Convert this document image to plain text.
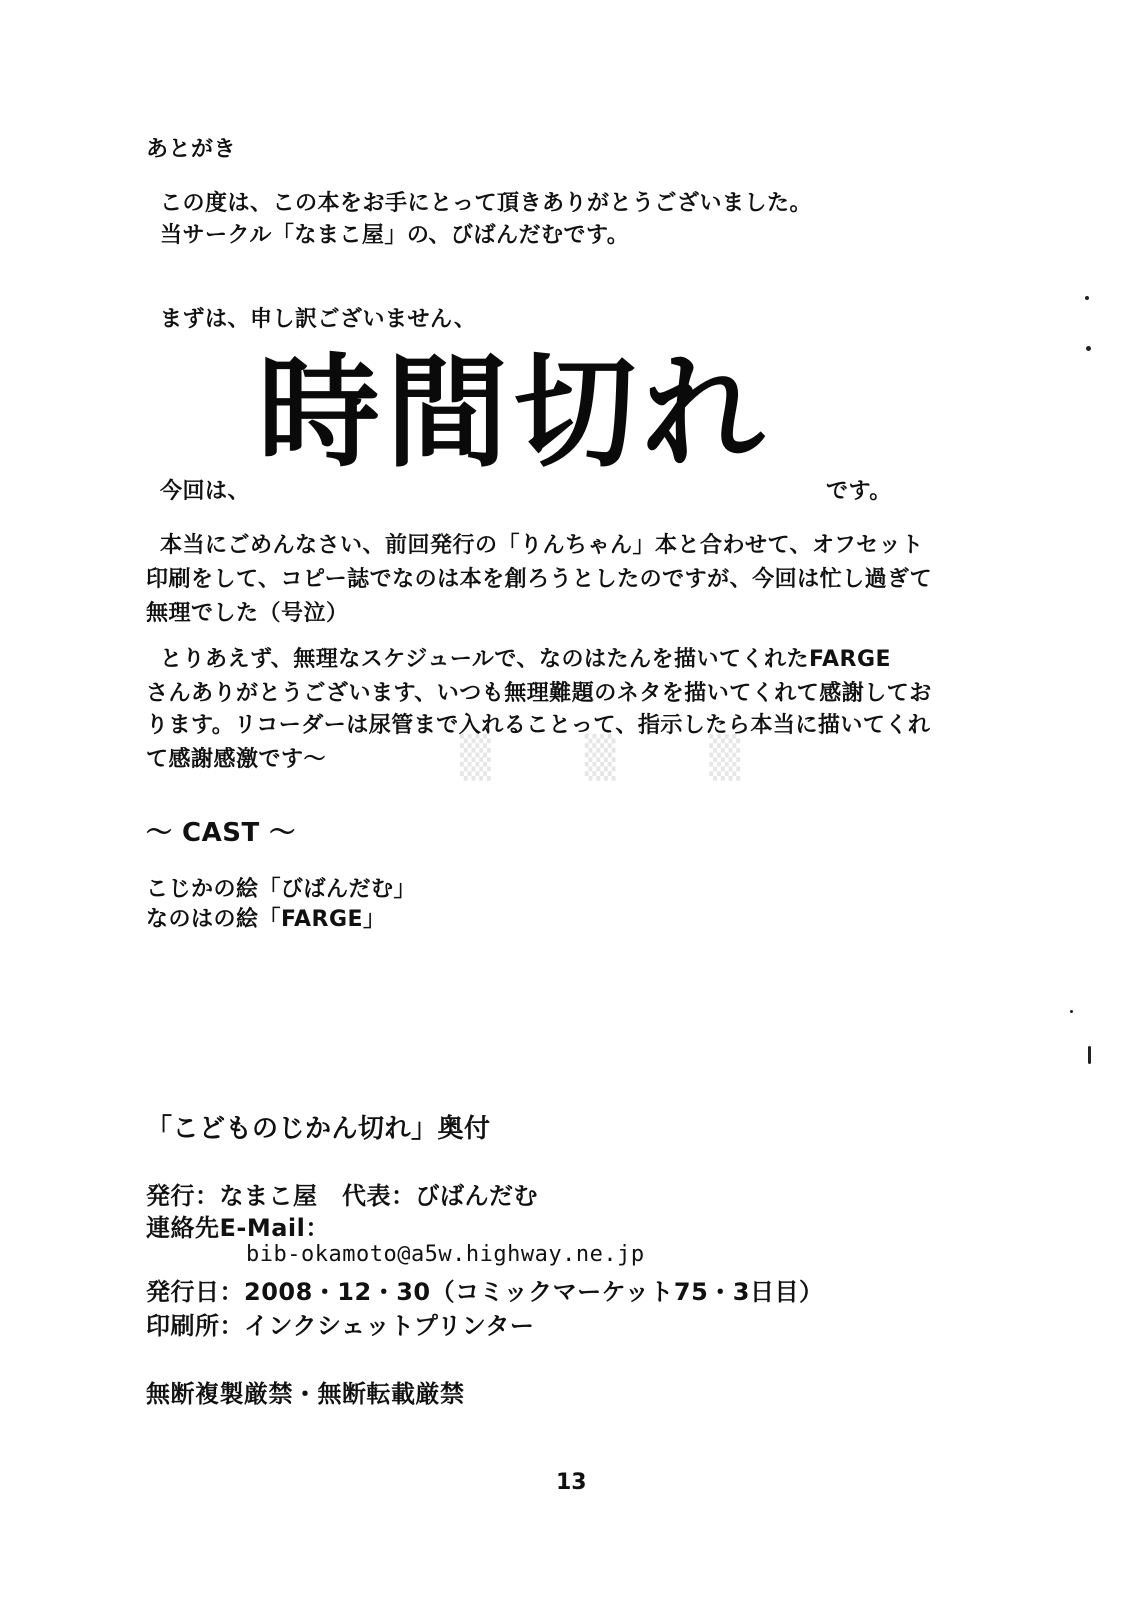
あとがき
この度は、この本をお手にとって頂きありがとうございました。
当サークル「なまこ屋」の、びばんだむです。
まずは、申し訳ございません、
今回は、
時間切れ
です。
本当にごめんなさい、前回発行の「りんちゃん」本と合わせて、オフセット
印刷をして、コピー誌でなのは本を創ろうとしたのですが、今回は忙し過ぎて
無理でした（号泣）
とりあえず、無理なスケジュールで、なのはたんを描いてくれたFARGE
さんありがとうございます、いつも無理難題のネタを描いてくれて感謝してお
ります。リコーダーは尿管まで入れることって、指示したら本当に描いてくれ
て感謝感激です～	▒ ▒ ▒
～ CAST ～
こじかの絵「びばんだむ」
なのはの絵「FARGE」
「こどものじかん切れ」奥付
発行：なまこ屋　代表：びばんだむ
連絡先E-Mail：
bib-okamoto@a5w.highway.ne.jp
発行日：2008・12・30（コミックマーケット75・3日目）
印刷所：インクシェットプリンター
無断複製厳禁・無断転載厳禁
13
